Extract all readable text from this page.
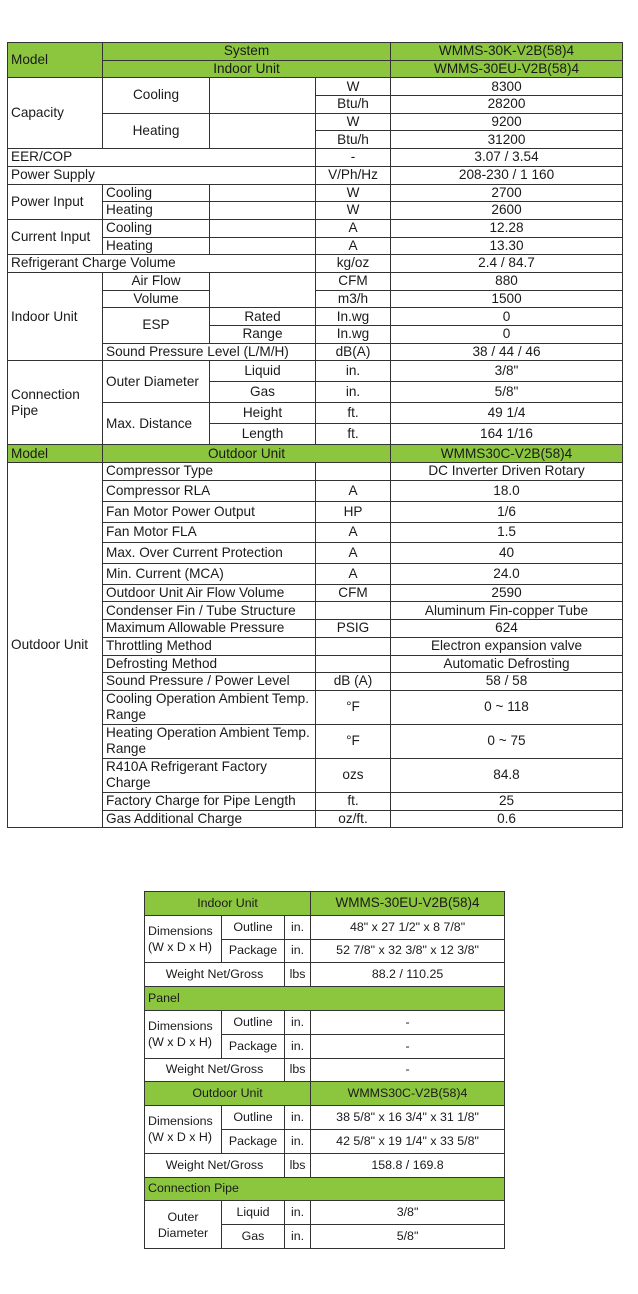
Model	System			WMMS-30K-V2B(58)4
	Indoor Unit			WMMS-30EU-V2B(58)4
Capacity	Cooling		W	8300
			Btu/h	28200
	Heating		W	9200
			Btu/h	31200
EER/COP			-	3.07 / 3.54
Power Supply			V/Ph/Hz	208-230 / 1 160
Power Input	Cooling		W	2700
	Heating		W	2600
Current Input	Cooling		A	12.28
	Heating		A	13.30
Refrigerant Charge Volume			kg/oz	2.4 / 84.7
Indoor Unit	Air Flow		CFM	880
	Volume		m3/h	1500
	ESP	Rated	In.wg	0
		Range	In.wg	0
	Sound Pressure Level (L/M/H)		dB(A)	38 / 44 / 46
Connection Pipe	Outer Diameter	Liquid	in.	3/8"
		Gas	in.	5/8"
	Max. Distance	Height	ft.	49 1/4
		Length	ft.	164 1/16
Model	Outdoor Unit			WMMS30C-V2B(58)4
Outdoor Unit	Compressor Type			DC Inverter Driven Rotary
	Compressor RLA		A	18.0
	Fan Motor Power Output		HP	1/6
	Fan Motor FLA		A	1.5
	Max. Over Current Protection		A	40
	Min. Current (MCA)		A	24.0
	Outdoor Unit Air Flow Volume		CFM	2590
	Condenser Fin / Tube Structure			Aluminum Fin-copper Tube
	Maximum Allowable Pressure		PSIG	624
	Throttling Method			Electron expansion valve
	Defrosting Method			Automatic Defrosting
	Sound Pressure / Power Level		dB (A)	58 / 58
	Cooling Operation Ambient Temp. Range		°F	0 ~ 118
	Heating Operation Ambient Temp. Range		°F	0 ~ 75
	R410A Refrigerant Factory Charge		ozs	84.8
	Factory Charge for Pipe Length		ft.	25
	Gas Additional Charge		oz/ft.	0.6
Indoor Unit			WMMS-30EU-V2B(58)4
Dimensions (W x D x H)	Outline	in.	48" x 27 1/2" x 8 7/8"
	Package	in.	52 7/8" x 32 3/8" x 12 3/8"
Weight Net/Gross		lbs	88.2 / 110.25
Panel			
Dimensions (W x D x H)	Outline	in.	-
	Package	in.	-
Weight Net/Gross		lbs	-
Outdoor Unit			WMMS30C-V2B(58)4
Dimensions (W x D x H)	Outline	in.	38 5/8" x 16 3/4" x 31 1/8"
	Package	in.	42 5/8" x 19 1/4" x 33 5/8"
Weight Net/Gross		lbs	158.8 / 169.8
Connection Pipe			
Outer Diameter	Liquid	in.	3/8"
	Gas	in.	5/8"
